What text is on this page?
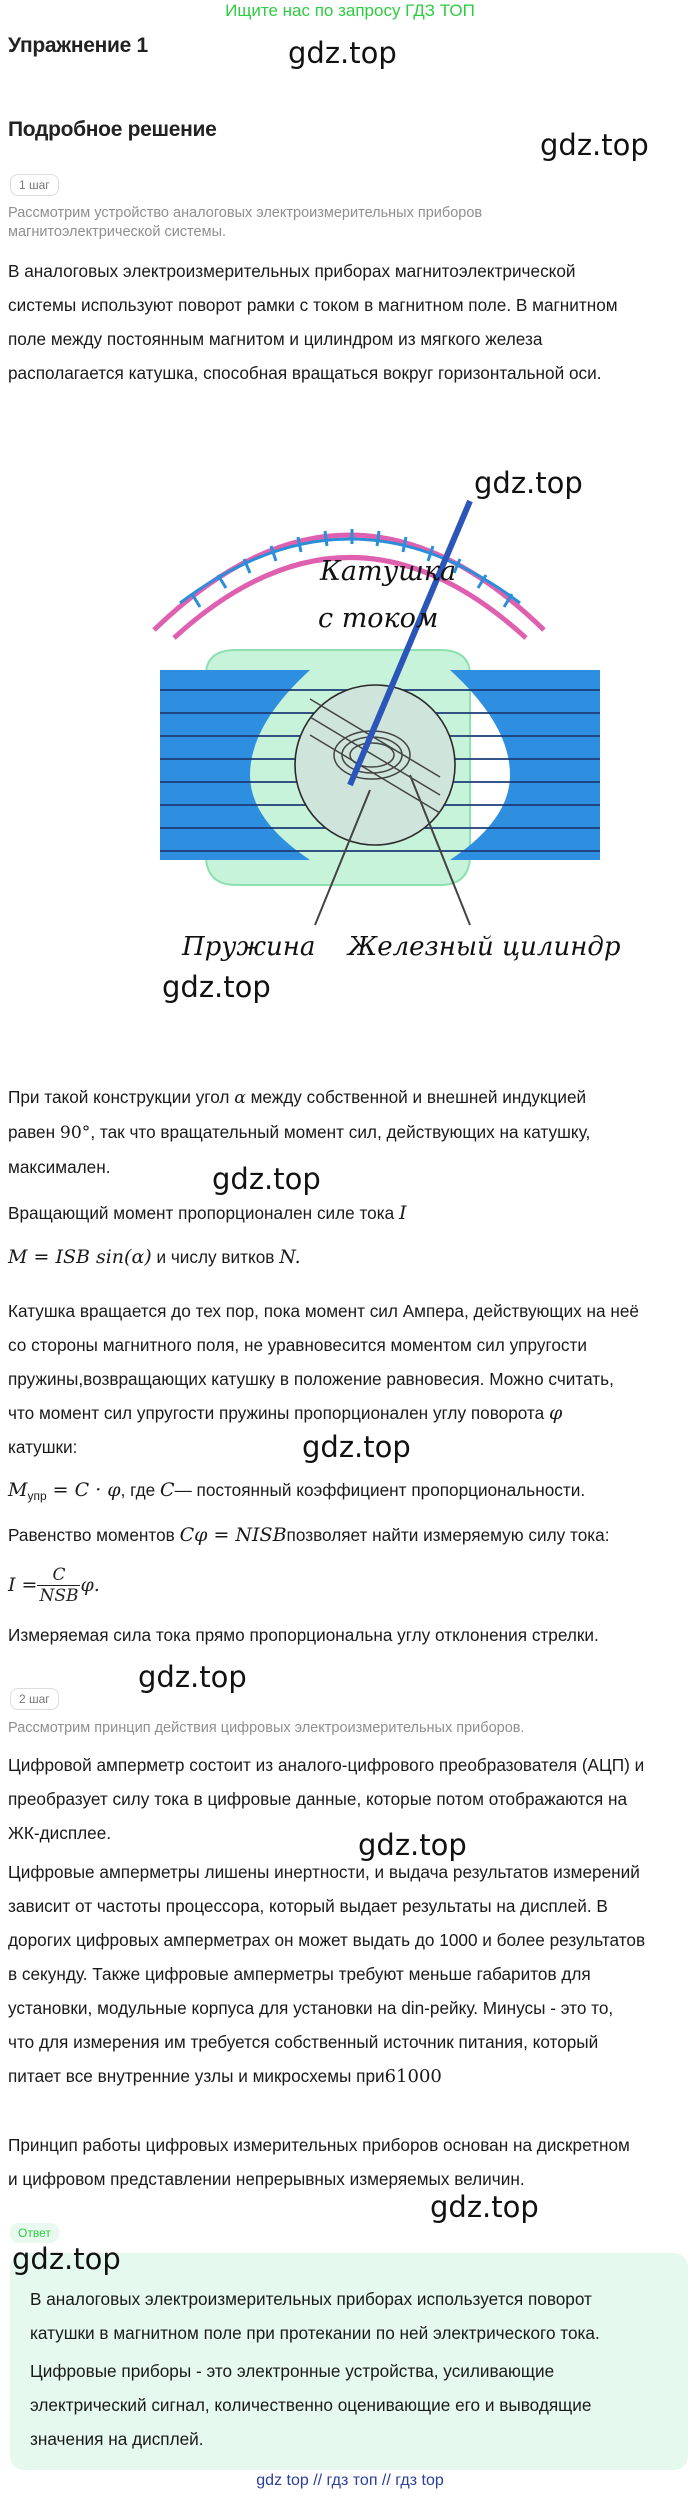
Ищите нас по запросу ГДЗ ТОП
Упражнение 1	gdz.top
Подробное решение	gdz.top
1 шаг
Рассмотрим устройство аналоговых электроизмерительных приборов магнитоэлектрической системы.
В аналоговых электроизмерительных приборах магнитоэлектрической системы используют поворот рамки с током в магнитном поле. В магнитном поле между постоянным магнитом и цилиндром из мягкого железа располагается катушка, способная вращаться вокруг горизонтальной оси.
Катушка
с током
Пружина Железный цилиндр
gdz.top
gdz.top
При такой конструкции угол α между собственной и внешней индукцией
равен 90°, так что вращательный момент сил, действующих на катушку,
максимален.	gdz.top
Вращающий момент пропорционален силе тока I
M = ISB sin(α) и числу витков N.
Катушка вращается до тех пор, пока момент сил Ампера, действующих на неё
со стороны магнитного поля, не уравновесится моментом сил упругости
пружины,возвращающих катушку в положение равновесия. Можно считать,
что момент сил упругости пружины пропорционален углу поворота φ
катушки:	gdz.top
$M_{упр} = C \cdot \varphi$, где C— постоянный коэффициент пропорциональности.
Равенство моментов Cφ = NISBпозволяет найти измеряемую силу тока:
$I = \frac{C}{\text{NSB}} \varphi$.
Измеряемая сила тока прямо пропорциональна углу отклонения стрелки.
gdz.top
2 шаг
Рассмотрим принцип действия цифровых электроизмерительных приборов.
Цифровой амперметр состоит из аналого-цифрового преобразователя (АЦП) и
преобразует силу тока в цифровые данные, которые потом отображаются на
ЖК-дисплее.	gdz.top
Цифровые амперметры лишены инертности, и выдача результатов измерений
зависит от частоты процессора, который выдает результаты на дисплей. В
дорогих цифровых амперметрах он может выдать до 1000 и более результатов
в секунду. Также цифровые амперметры требуют меньше габаритов для
установки, модульные корпуса для установки на din-рейку. Минусы - это то,
что для измерения им требуется собственный источник питания, который
питает все внутренние узлы и микросхемы при61000
Принцип работы цифровых измерительных приборов основан на дискретном
и цифровом представлении непрерывных измеряемых величин.
gdz.top
Ответ
gdz.top
В аналоговых электроизмерительных приборах используется поворот
катушки в магнитном поле при протекании по ней электрического тока.
Цифровые приборы - это электронные устройства, усиливающие
электрический сигнал, количественно оценивающие его и выводящие
значения на дисплей.
gdz top // гдз топ // гдз top
